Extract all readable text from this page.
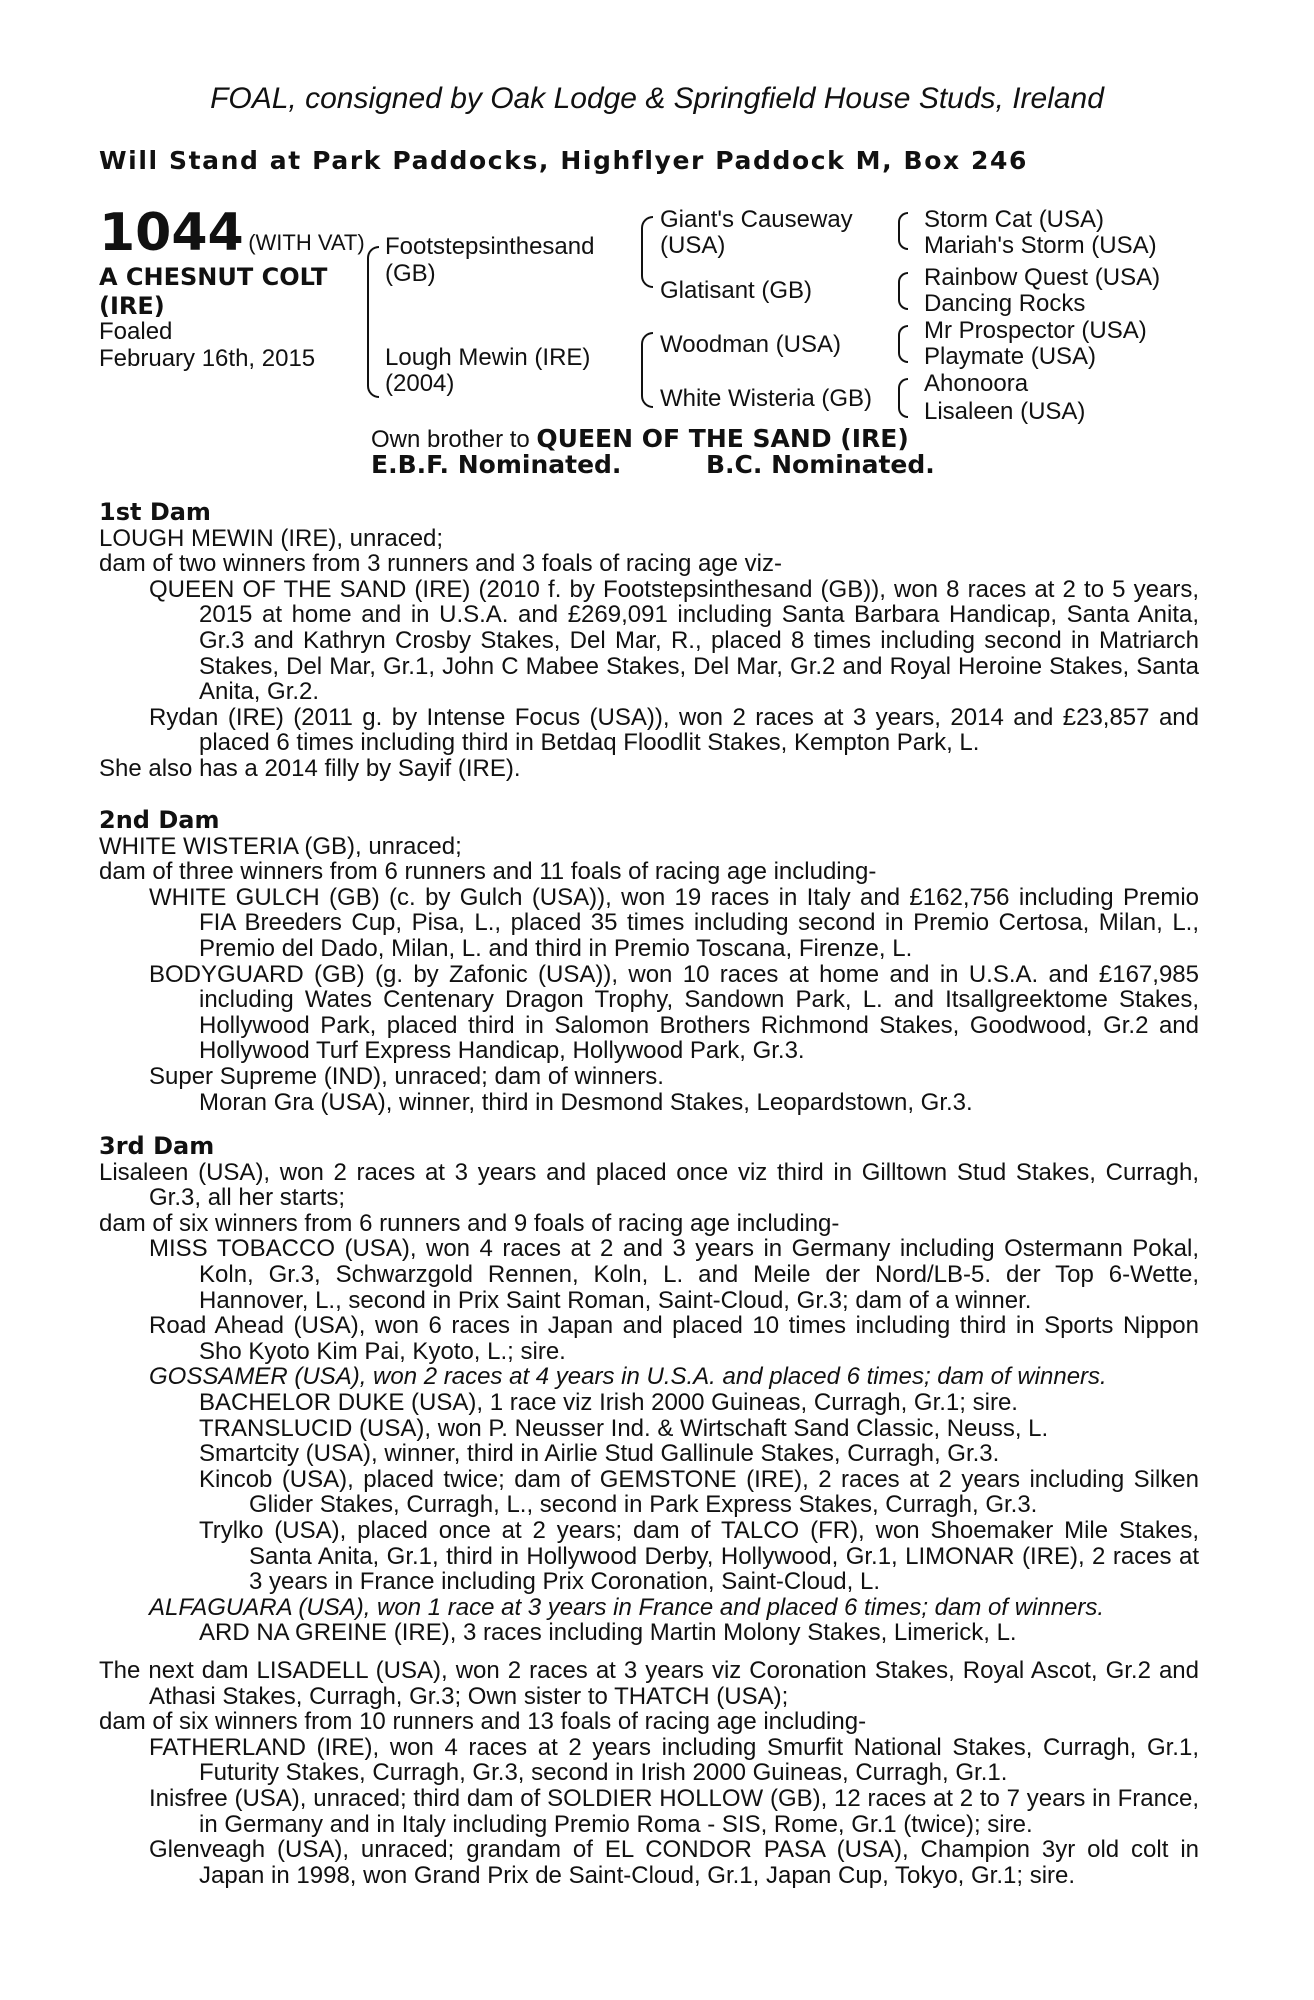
FOAL, consigned by Oak Lodge & Springfield House Studs, Ireland
Will Stand at Park Paddocks, Highflyer Paddock M, Box 246
1044 (WITH VAT)
A CHESNUT COLT
(IRE)
Foaled
February 16th, 2015
Footstepsinthesand
(GB)
Lough Mewin (IRE)
(2004)
Giant's Causeway
(USA)
Glatisant (GB)
Woodman (USA)
White Wisteria (GB)
Storm Cat (USA)
Mariah's Storm (USA)
Rainbow Quest (USA)
Dancing Rocks
Mr Prospector (USA)
Playmate (USA)
Ahonoora
Lisaleen (USA)
Own brother to QUEEN OF THE SAND (IRE)
E.B.F. Nominated.	B.C. Nominated.
1st Dam

LOUGH MEWIN (IRE), unraced;

dam of two winners from 3 runners and 3 foals of racing age viz-

QUEEN OF THE SAND (IRE) (2010 f. by Footstepsinthesand (GB)), won 8 races at 2 to 5 years, 2015 at home and in U.S.A. and £269,091 including Santa Barbara Handicap, Santa Anita, Gr.3 and Kathryn Crosby Stakes, Del Mar, R., placed 8 times including second in Matriarch Stakes, Del Mar, Gr.1, John C Mabee Stakes, Del Mar, Gr.2 and Royal Heroine Stakes, Santa Anita, Gr.2.

Rydan (IRE) (2011 g. by Intense Focus (USA)), won 2 races at 3 years, 2014 and £23,857 and placed 6 times including third in Betdaq Floodlit Stakes, Kempton Park, L.

She also has a 2014 filly by Sayif (IRE).

2nd Dam

WHITE WISTERIA (GB), unraced;

dam of three winners from 6 runners and 11 foals of racing age including-

WHITE GULCH (GB) (c. by Gulch (USA)), won 19 races in Italy and £162,756 including Premio FIA Breeders Cup, Pisa, L., placed 35 times including second in Premio Certosa, Milan, L., Premio del Dado, Milan, L. and third in Premio Toscana, Firenze, L.

BODYGUARD (GB) (g. by Zafonic (USA)), won 10 races at home and in U.S.A. and £167,985 including Wates Centenary Dragon Trophy, Sandown Park, L. and Itsallgreektome Stakes, Hollywood Park, placed third in Salomon Brothers Richmond Stakes, Goodwood, Gr.2 and Hollywood Turf Express Handicap, Hollywood Park, Gr.3.

Super Supreme (IND), unraced; dam of winners.

Moran Gra (USA), winner, third in Desmond Stakes, Leopardstown, Gr.3.

3rd Dam

Lisaleen (USA), won 2 races at 3 years and placed once viz third in Gilltown Stud Stakes, Curragh, Gr.3, all her starts;

dam of six winners from 6 runners and 9 foals of racing age including-

MISS TOBACCO (USA), won 4 races at 2 and 3 years in Germany including Ostermann Pokal, Koln, Gr.3, Schwarzgold Rennen, Koln, L. and Meile der Nord/LB-5. der Top 6-Wette, Hannover, L., second in Prix Saint Roman, Saint-Cloud, Gr.3; dam of a winner.

Road Ahead (USA), won 6 races in Japan and placed 10 times including third in Sports Nippon Sho Kyoto Kim Pai, Kyoto, L.; sire.

GOSSAMER (USA), won 2 races at 4 years in U.S.A. and placed 6 times; dam of winners.

BACHELOR DUKE (USA), 1 race viz Irish 2000 Guineas, Curragh, Gr.1; sire.

TRANSLUCID (USA), won P. Neusser Ind. & Wirtschaft Sand Classic, Neuss, L.

Smartcity (USA), winner, third in Airlie Stud Gallinule Stakes, Curragh, Gr.3.

Kincob (USA), placed twice; dam of GEMSTONE (IRE), 2 races at 2 years including Silken Glider Stakes, Curragh, L., second in Park Express Stakes, Curragh, Gr.3.

Trylko (USA), placed once at 2 years; dam of TALCO (FR), won Shoemaker Mile Stakes, Santa Anita, Gr.1, third in Hollywood Derby, Hollywood, Gr.1, LIMONAR (IRE), 2 races at 3 years in France including Prix Coronation, Saint-Cloud, L.

ALFAGUARA (USA), won 1 race at 3 years in France and placed 6 times; dam of winners.

ARD NA GREINE (IRE), 3 races including Martin Molony Stakes, Limerick, L.

The next dam LISADELL (USA), won 2 races at 3 years viz Coronation Stakes, Royal Ascot, Gr.2 and Athasi Stakes, Curragh, Gr.3; Own sister to THATCH (USA);

dam of six winners from 10 runners and 13 foals of racing age including-

FATHERLAND (IRE), won 4 races at 2 years including Smurfit National Stakes, Curragh, Gr.1, Futurity Stakes, Curragh, Gr.3, second in Irish 2000 Guineas, Curragh, Gr.1.

Inisfree (USA), unraced; third dam of SOLDIER HOLLOW (GB), 12 races at 2 to 7 years in France, in Germany and in Italy including Premio Roma - SIS, Rome, Gr.1 (twice); sire.

Glenveagh (USA), unraced; grandam of EL CONDOR PASA (USA), Champion 3yr old colt in Japan in 1998, won Grand Prix de Saint-Cloud, Gr.1, Japan Cup, Tokyo, Gr.1; sire.
